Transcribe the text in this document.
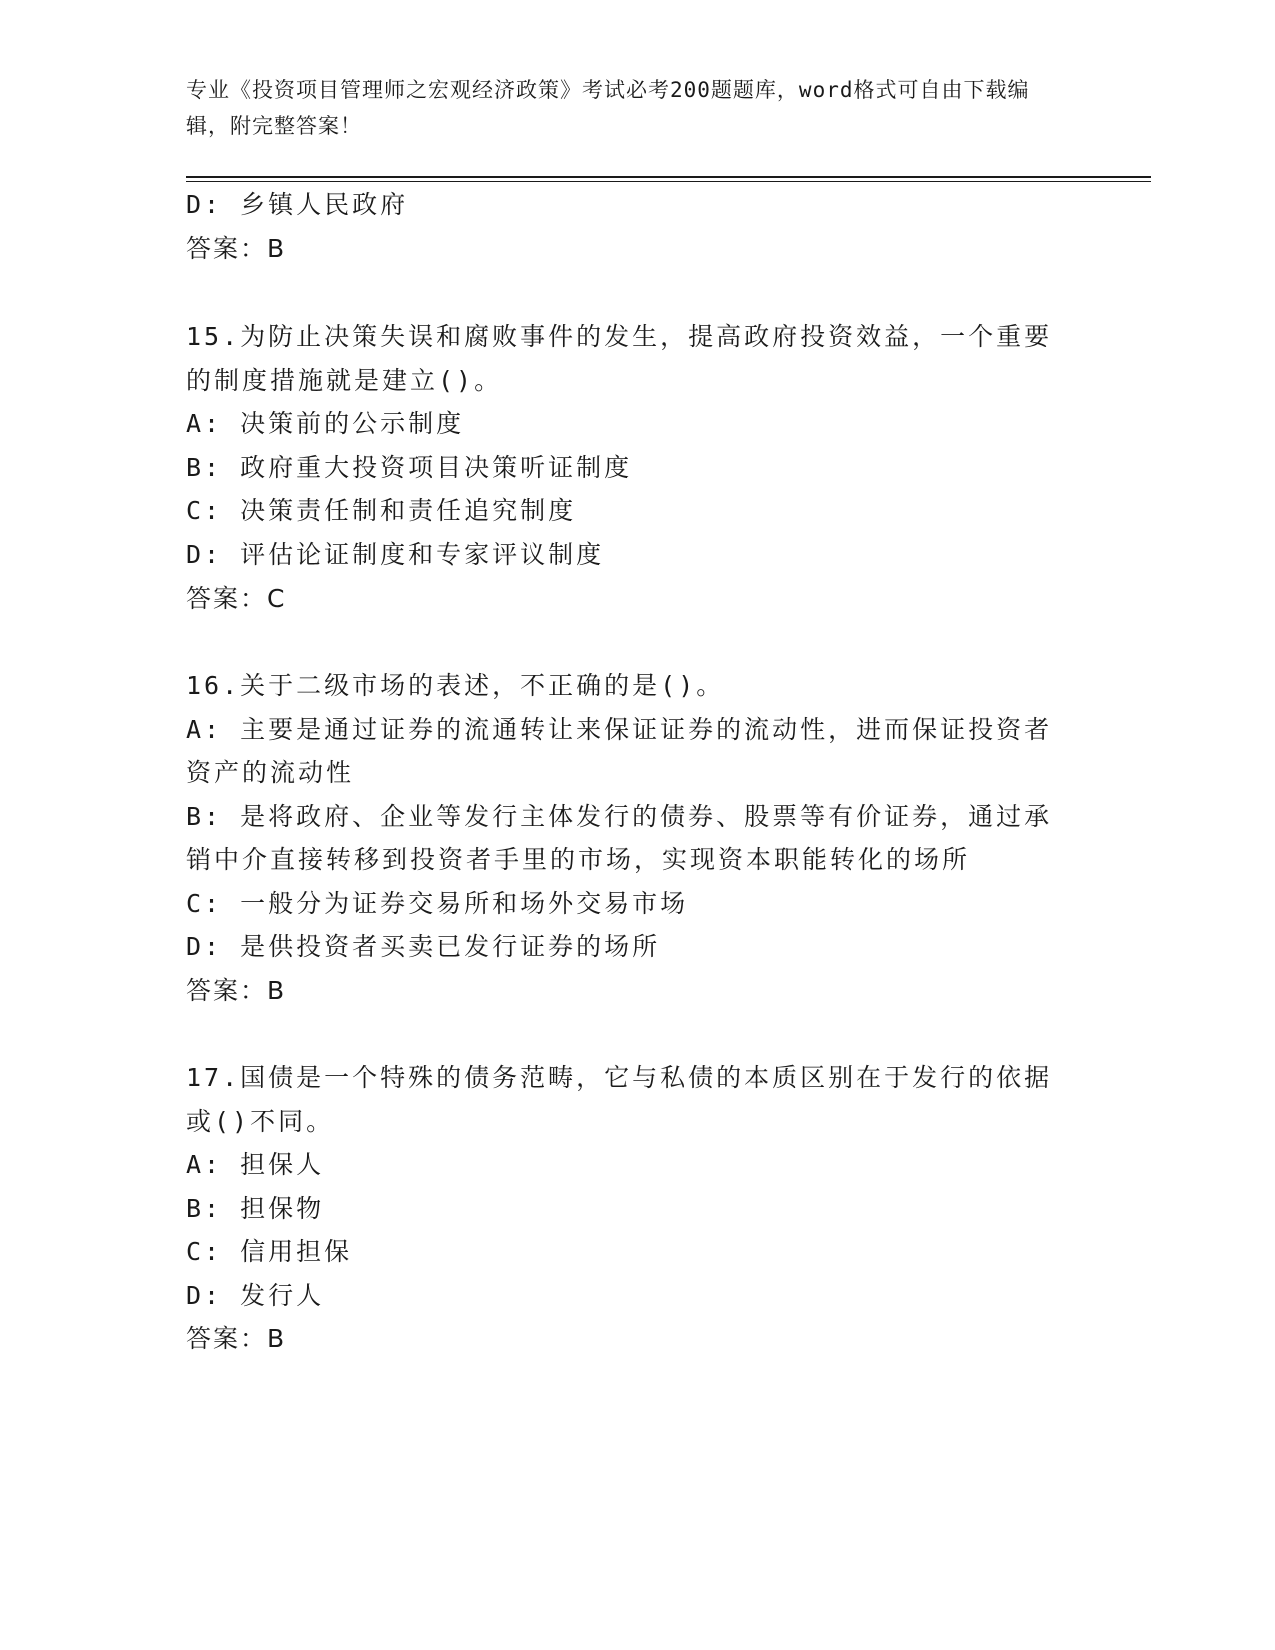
专业《投资项目管理师之宏观经济政策》考试必考200题题库，word格式可自由下载编辑，附完整答案！
D: 乡镇人民政府
答案：B
15.为防止决策失误和腐败事件的发生，提高政府投资效益，一个重要
的制度措施就是建立()。
A: 决策前的公示制度
B: 政府重大投资项目决策听证制度
C: 决策责任制和责任追究制度
D: 评估论证制度和专家评议制度
答案：C
16.关于二级市场的表述，不正确的是()。
A: 主要是通过证券的流通转让来保证证券的流动性，进而保证投资者
资产的流动性
B: 是将政府、企业等发行主体发行的债券、股票等有价证券，通过承
销中介直接转移到投资者手里的市场，实现资本职能转化的场所
C: 一般分为证券交易所和场外交易市场
D: 是供投资者买卖已发行证券的场所
答案：B
17.国债是一个特殊的债务范畴，它与私债的本质区别在于发行的依据
或()不同。
A: 担保人
B: 担保物
C: 信用担保
D: 发行人
答案：B
